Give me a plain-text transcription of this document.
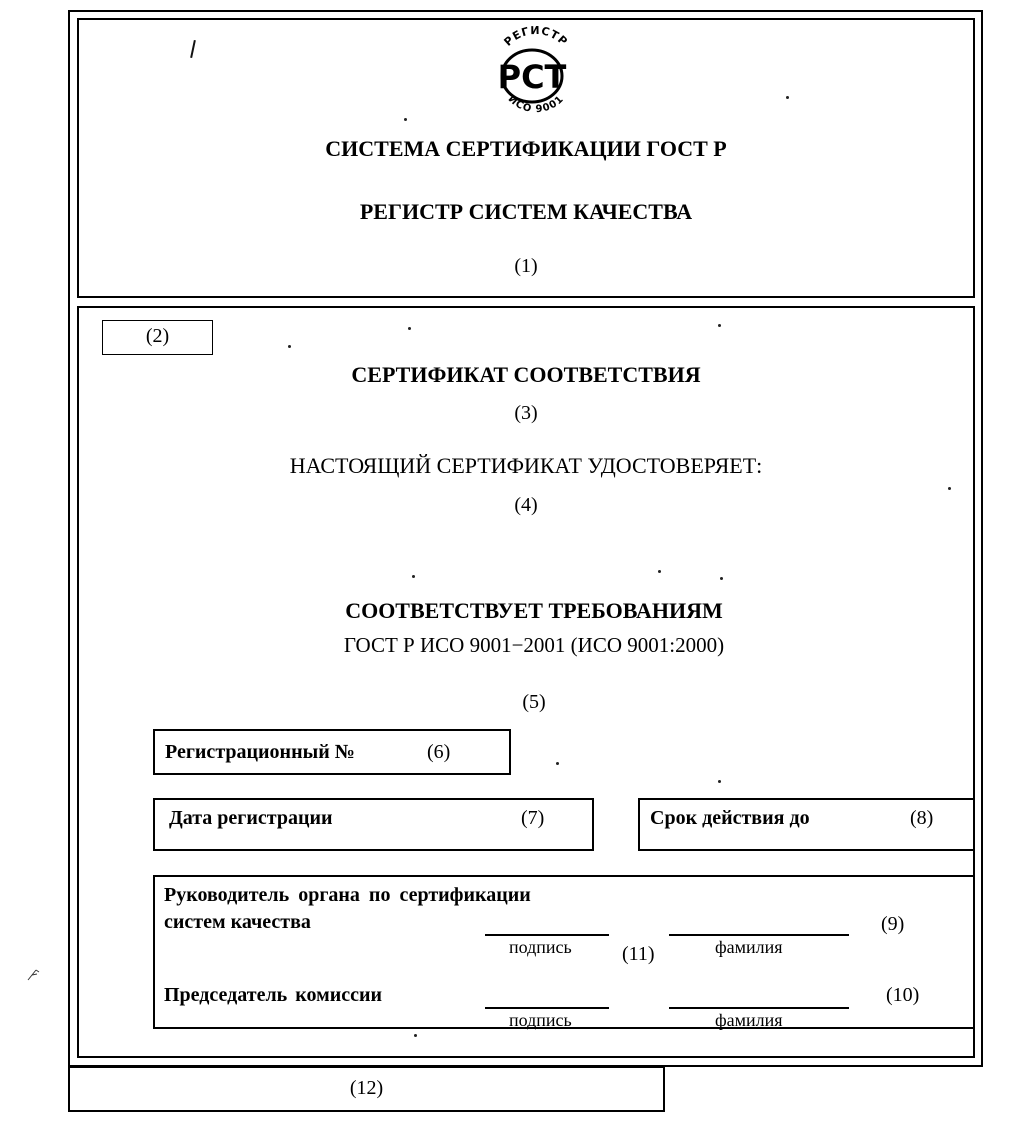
РЕГИСТР
ИСО 9001
РСТ
СИСТЕМА СЕРТИФИКАЦИИ ГОСТ Р
РЕГИСТР СИСТЕМ КАЧЕСТВА
(1)
(2)
СЕРТИФИКАТ СООТВЕТСТВИЯ
(3)
НАСТОЯЩИЙ СЕРТИФИКАТ УДОСТОВЕРЯЕТ:
(4)
СООТВЕТСТВУЕТ ТРЕБОВАНИЯМ
ГОСТ Р ИСО 9001−2001 (ИСО 9001:2000)
(5)
Регистрационный №	(6)
Дата регистрации	(7)	Срок действия до	(8)
Руководитель органа по сертификации
систем качества
подпись	(11)	фамилия
(9)
Председатель комиссии
подпись	фамилия
(10)
(12)
